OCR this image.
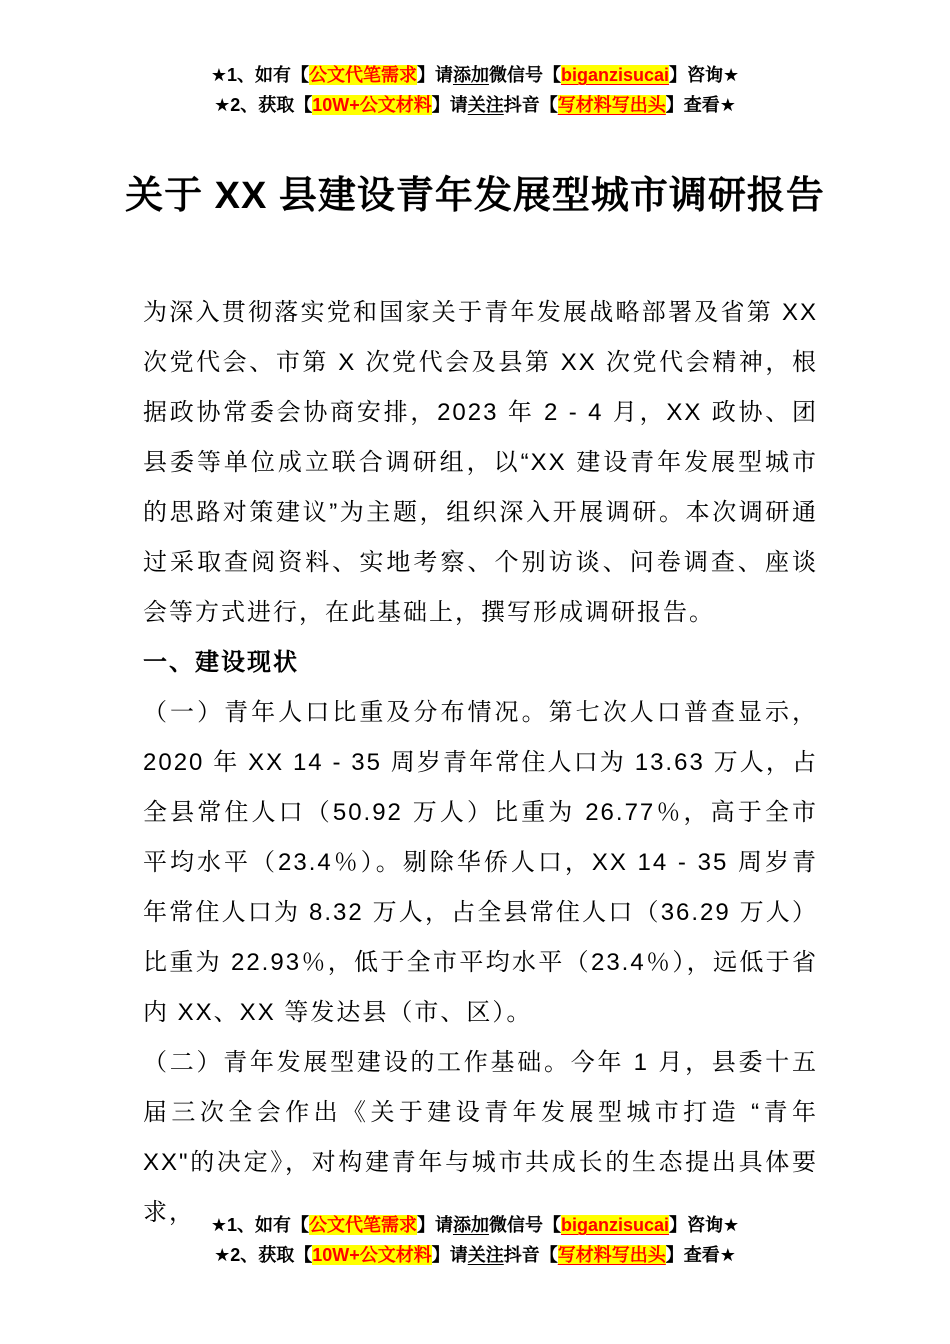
★1、如有【公文代笔需求】请添加微信号【biganzisucai】咨询★
★2、获取【10W+公文材料】请关注抖音【写材料写出头】查看★
关于 XX 县建设青年发展型城市调研报告

为深入贯彻落实党和国家关于青年发展战略部署及省第 XX 次党代会、市第 X 次党代会及县第 XX 次党代会精神，根据政协常委会协商安排，2023 年 2 - 4 月，XX 政协、团县委等单位成立联合调研组，以“XX 建设青年发展型城市的思路对策建议”为主题，组织深入开展调研。本次调研通过采取查阅资料、实地考察、个别访谈、问卷调查、座谈会等方式进行，在此基础上，撰写形成调研报告。

一、建设现状

（一）青年人口比重及分布情况。第七次人口普查显示，2020 年 XX 14 - 35 周岁青年常住人口为 13.63 万人，占全县常住人口（50.92 万人）比重为 26.77％，高于全市平均水平（23.4％）。剔除华侨人口，XX 14 - 35 周岁青年常住人口为 8.32 万人，占全县常住人口（36.29 万人）比重为 22.93％，低于全市平均水平（23.4％），远低于省内 XX、XX 等发达县（市、区）。

（二）青年发展型建设的工作基础。今年 1 月，县委十五届三次全会作出《关于建设青年发展型城市打造 “青年 XX"的决定》，对构建青年与城市共成长的生态提出具体要求， ★1、如有【公文代笔需求】请添加微信号【biganzisucai】咨询★
★2、获取【10W+公文材料】请关注抖音【写材料写出头】查看★
